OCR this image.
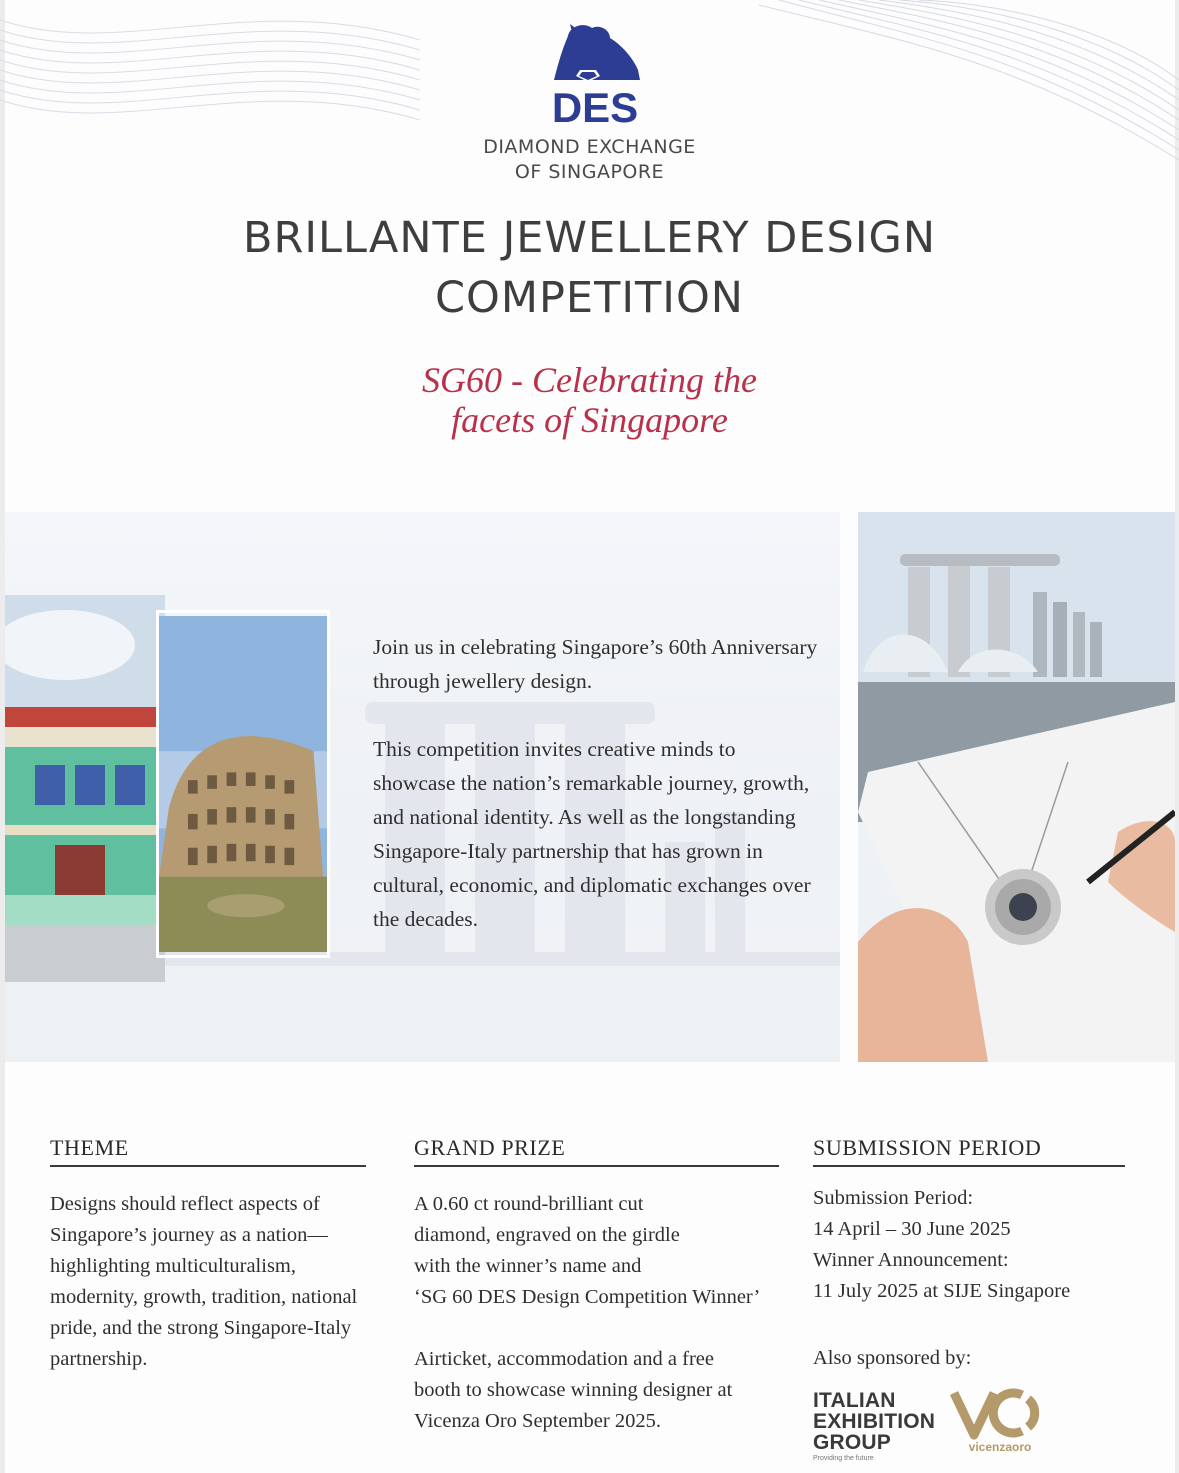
DES
DIAMOND EXCHANGE
OF SINGAPORE
BRILLANTE JEWELLERY DESIGN
COMPETITION
SG60 - Celebrating the
facets of Singapore

Join us in celebrating Singapore’s 60th Anniversary through jewellery design.

This competition invites creative minds to showcase the nation’s remarkable journey, growth, and national identity. As well as the longstanding Singapore-Italy partnership that has grown in cultural, economic, and diplomatic exchanges over the decades.

THEME
Designs should reflect aspects of Singapore’s journey as a nation—highlighting multiculturalism, modernity, growth, tradition, national pride, and the strong Singapore-Italy partnership.
GRAND PRIZE
A 0.60 ct round-brilliant cut
diamond, engraved on the girdle
with the winner’s name and
‘SG 60 DES Design Competition Winner’
Airticket, accommodation and a free
booth to showcase winning designer at
Vicenza Oro September 2025.
SUBMISSION PERIOD
Submission Period:
14 April – 30 June 2025
Winner Announcement:
11 July 2025 at SIJE Singapore
Also sponsored by:
ITALIAN
EXHIBITION
GROUP
Providing the future
vicenzaoro
